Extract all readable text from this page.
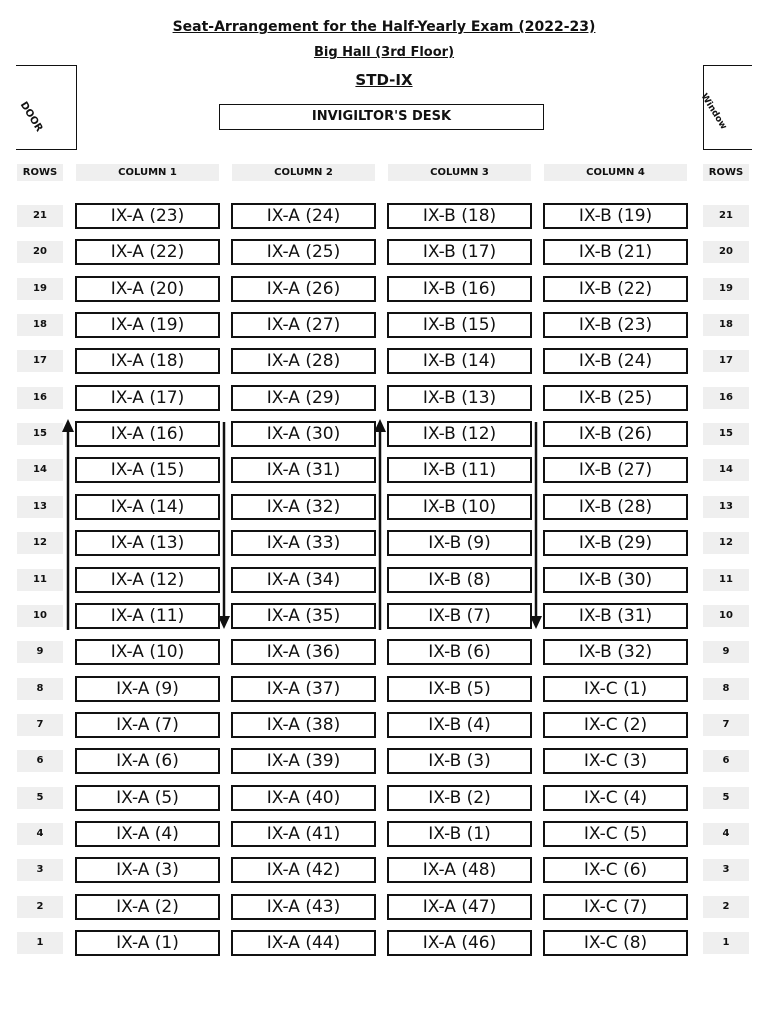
Seat-Arrangement for the Half-Yearly Exam (2022-23)
Big Hall (3rd Floor)
STD-IX
DOOR	Window
INVIGILTOR'S DESK
ROWS	COLUMN 1	COLUMN 2	COLUMN 3	COLUMN 4	ROWS
21	IX-A (23)	IX-A (24)	IX-B (18)	IX-B (19)	21
20	IX-A (22)	IX-A (25)	IX-B (17)	IX-B (21)	20
19	IX-A (20)	IX-A (26)	IX-B (16)	IX-B (22)	19
18	IX-A (19)	IX-A (27)	IX-B (15)	IX-B (23)	18
17	IX-A (18)	IX-A (28)	IX-B (14)	IX-B (24)	17
16	IX-A (17)	IX-A (29)	IX-B (13)	IX-B (25)	16
15	IX-A (16)	IX-A (30)	IX-B (12)	IX-B (26)	15
14	IX-A (15)	IX-A (31)	IX-B (11)	IX-B (27)	14
13	IX-A (14)	IX-A (32)	IX-B (10)	IX-B (28)	13
12	IX-A (13)	IX-A (33)	IX-B (9)	IX-B (29)	12
11	IX-A (12)	IX-A (34)	IX-B (8)	IX-B (30)	11
10	IX-A (11)	IX-A (35)	IX-B (7)	IX-B (31)	10
9	IX-A (10)	IX-A (36)	IX-B (6)	IX-B (32)	9
8	IX-A (9)	IX-A (37)	IX-B (5)	IX-C (1)	8
7	IX-A (7)	IX-A (38)	IX-B (4)	IX-C (2)	7
6	IX-A (6)	IX-A (39)	IX-B (3)	IX-C (3)	6
5	IX-A (5)	IX-A (40)	IX-B (2)	IX-C (4)	5
4	IX-A (4)	IX-A (41)	IX-B (1)	IX-C (5)	4
3	IX-A (3)	IX-A (42)	IX-A (48)	IX-C (6)	3
2	IX-A (2)	IX-A (43)	IX-A (47)	IX-C (7)	2
1	IX-A (1)	IX-A (44)	IX-A (46)	IX-C (8)	1
